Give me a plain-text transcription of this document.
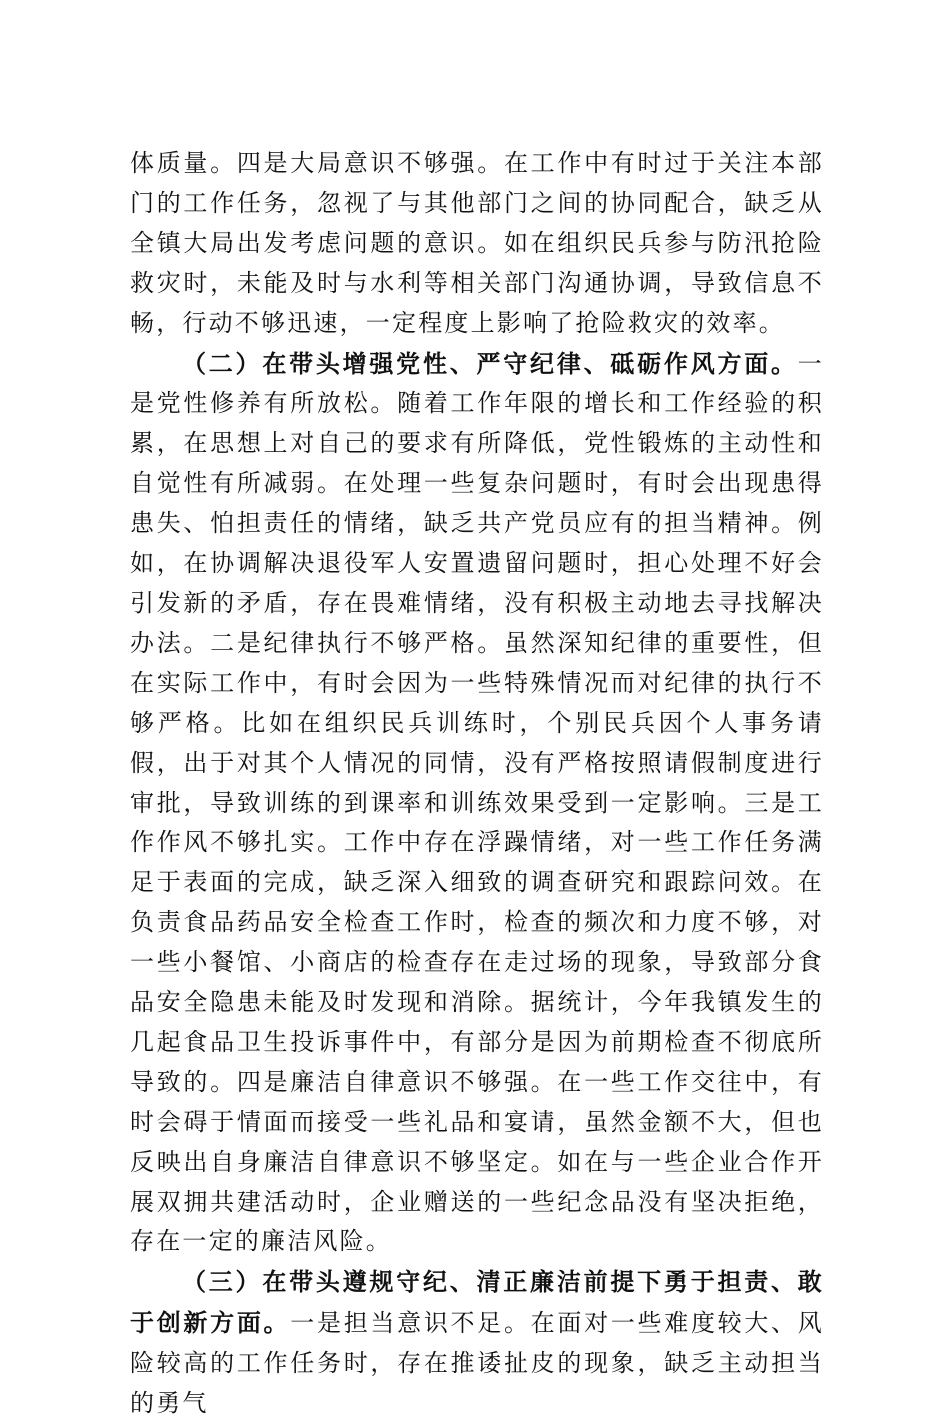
体质量。四是大局意识不够强。在工作中有时过于关注本部门的工作任务，忽视了与其他部门之间的协同配合，缺乏从全镇大局出发考虑问题的意识。如在组织民兵参与防汛抢险救灾时，未能及时与水利等相关部门沟通协调，导致信息不畅，行动不够迅速，一定程度上影响了抢险救灾的效率。

（二）在带头增强党性、严守纪律、砥砺作风方面。一是党性修养有所放松。随着工作年限的增长和工作经验的积累，在思想上对自己的要求有所降低，党性锻炼的主动性和自觉性有所减弱。在处理一些复杂问题时，有时会出现患得患失、怕担责任的情绪，缺乏共产党员应有的担当精神。例如，在协调解决退役军人安置遗留问题时，担心处理不好会引发新的矛盾，存在畏难情绪，没有积极主动地去寻找解决办法。二是纪律执行不够严格。虽然深知纪律的重要性，但在实际工作中，有时会因为一些特殊情况而对纪律的执行不够严格。比如在组织民兵训练时，个别民兵因个人事务请假，出于对其个人情况的同情，没有严格按照请假制度进行审批，导致训练的到课率和训练效果受到一定影响。三是工作作风不够扎实。工作中存在浮躁情绪，对一些工作任务满足于表面的完成，缺乏深入细致的调查研究和跟踪问效。在负责食品药品安全检查工作时，检查的频次和力度不够，对一些小餐馆、小商店的检查存在走过场的现象，导致部分食品安全隐患未能及时发现和消除。据统计，今年我镇发生的几起食品卫生投诉事件中，有部分是因为前期检查不彻底所导致的。四是廉洁自律意识不够强。在一些工作交往中，有时会碍于情面而接受一些礼品和宴请，虽然金额不大，但也反映出自身廉洁自律意识不够坚定。如在与一些企业合作开展双拥共建活动时，企业赠送的一些纪念品没有坚决拒绝，存在一定的廉洁风险。

（三）在带头遵规守纪、清正廉洁前提下勇于担责、敢于创新方面。一是担当意识不足。在面对一些难度较大、风险较高的工作任务时，存在推诿扯皮的现象，缺乏主动担当的勇气
